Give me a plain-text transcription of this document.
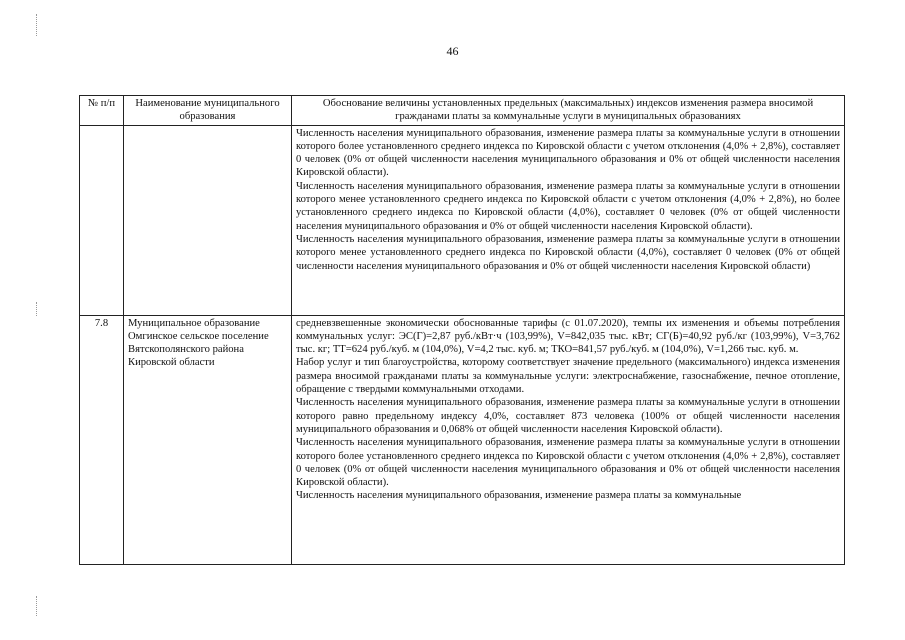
46
№ п/п	Наименование муниципального образования	Обоснование величины установленных предельных (максимальных) индексов изменения размера вносимой гражданами платы за коммунальные услуги в муниципальных образованиях

		Численность населения муниципального образования, изменение размера платы за коммунальные услуги в отношении которого более установленного среднего индекса по Кировской области с учетом отклонения (4,0% + 2,8%), составляет 0 человек (0% от общей численности населения муниципального образования и 0% от общей численности населения Кировской области).

Численность населения муниципального образования, изменение размера платы за коммунальные услуги в отношении которого менее установленного среднего индекса по Кировской области с учетом отклонения (4,0% + 2,8%), но более установленного среднего индекса по Кировской области (4,0%), составляет 0 человек (0% от общей численности населения муниципального образования и 0% от общей численности населения Кировской области).

Численность населения муниципального образования, изменение размера платы за коммунальные услуги в отношении которого менее установленного среднего индекса по Кировской области (4,0%), составляет 0 человек (0% от общей численности населения муниципального образования и 0% от общей численности населения Кировской области)

7.8	Муниципальное образование Омгинское сельское поселение Вятскополянского района Кировской области	средневзвешенные экономически обоснованные тарифы (с 01.07.2020), темпы их изменения и объемы потребления коммунальных услуг: ЭС(Г)=2,87 руб./кВт·ч (103,99%), V=842,035 тыс. кВт; СГ(Б)=40,92 руб./кг (103,99%), V=3,762 тыс. кг; ТТ=624 руб./куб. м (104,0%), V=4,2 тыс. куб. м; ТКО=841,57 руб./куб. м (104,0%), V=1,266 тыс. куб. м.

Набор услуг и тип благоустройства, которому соответствует значение предельного (максимального) индекса изменения размера вносимой гражданами платы за коммунальные услуги: электроснабжение, газоснабжение, печное отопление, обращение с твердыми коммунальными отходами.

Численность населения муниципального образования, изменение размера платы за коммунальные услуги в отношении которого равно предельному индексу 4,0%, составляет 873 человека (100% от общей численности населения муниципального образования и 0,068% от общей численности населения Кировской области).

Численность населения муниципального образования, изменение размера платы за коммунальные услуги в отношении которого более установленного среднего индекса по Кировской области с учетом отклонения (4,0% + 2,8%), составляет 0 человек (0% от общей численности населения муниципального образования и 0% от общей численности населения Кировской области).

Численность населения муниципального образования, изменение размера платы за коммунальные
